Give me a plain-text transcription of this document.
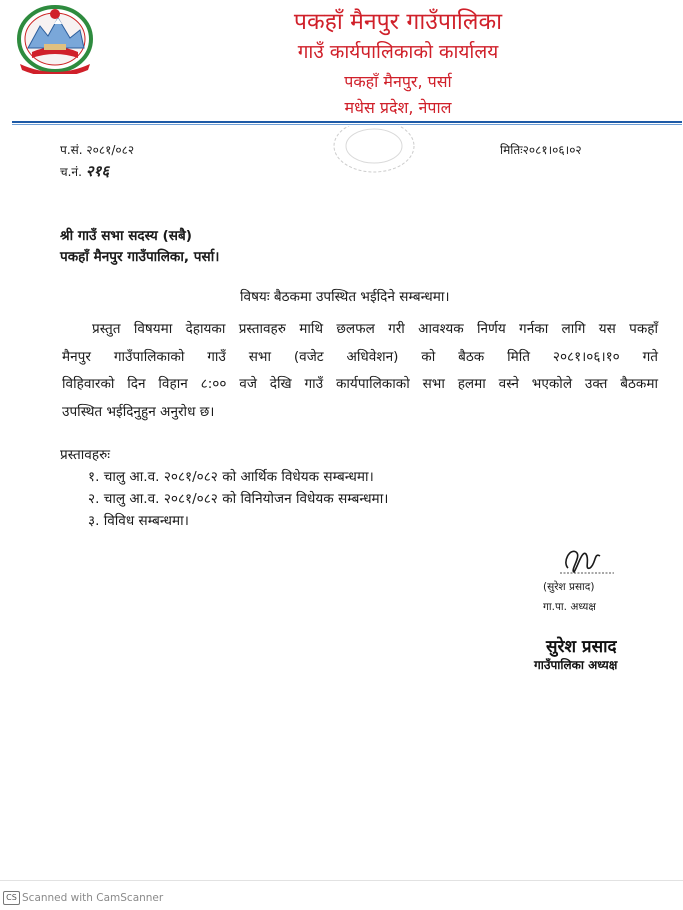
पकहाँ मैनपुर गाउँपालिका
गाउँ कार्यपालिकाको कार्यालय
पकहाँ मैनपुर, पर्सा
मधेस प्रदेश, नेपाल
प.सं. २०८१/०८२
च.नं. २१६
मितिः२०८१।०६।०२
श्री गाउँ सभा सदस्य (सबै)
पकहाँ मैनपुर गाउँपालिका, पर्सा।
विषयः बैठकमा उपस्थित भईदिने सम्बन्धमा।
प्रस्तुत विषयमा देहायका प्रस्तावहरु माथि छलफल गरी आवश्यक निर्णय गर्नका लागि यस पकहाँ
मैनपुर गाउँपालिकाको गाउँ सभा (वजेट अधिवेशन) को बैठक मिति २०८१।०६।१० गते
विहिवारको दिन विहान ८:०० वजे देखि गाउँ कार्यपालिकाको सभा हलमा वस्ने भएकोले उक्त बैठकमा
उपस्थित भईदिनुहुन अनुरोध छ।
प्रस्तावहरुः
१. चालु आ.व. २०८१/०८२ को आर्थिक विधेयक सम्बन्धमा।
२. चालु आ.व. २०८१/०८२ को विनियोजन विधेयक सम्बन्धमा।
३. विविध सम्बन्धमा।
(सुरेश प्रसाद)
गा.पा. अध्यक्ष
सुरेश प्रसाद
गाउँपालिका अध्यक्ष
CS Scanned with CamScanner
